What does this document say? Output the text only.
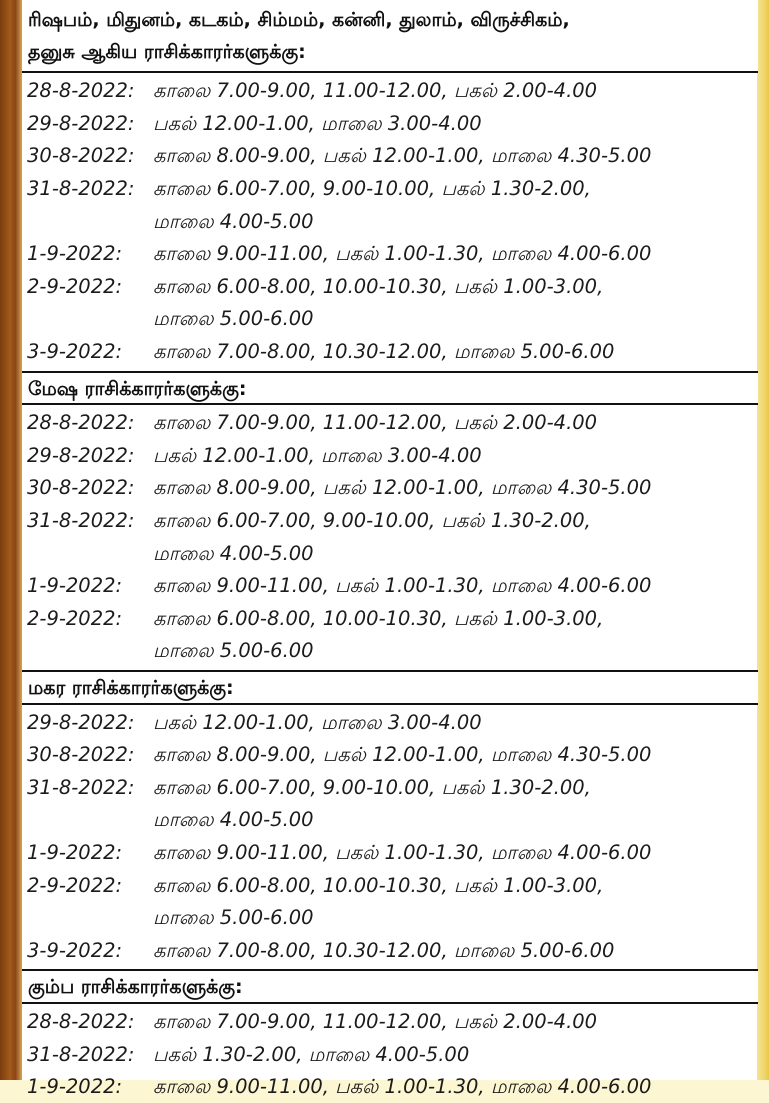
ரிஷபம், மிதுனம், கடகம், சிம்மம், கன்னி, துலாம், விருச்சிகம்,
தனுசு ஆகிய ராசிக்காரர்களுக்கு:
28-8-2022: காலை 7.00-9.00, 11.00-12.00, பகல் 2.00-4.00
29-8-2022: பகல் 12.00-1.00, மாலை 3.00-4.00
30-8-2022: காலை 8.00-9.00, பகல் 12.00-1.00, மாலை 4.30-5.00
31-8-2022: காலை 6.00-7.00, 9.00-10.00, பகல் 1.30-2.00,
மாலை 4.00-5.00
1-9-2022: காலை 9.00-11.00, பகல் 1.00-1.30, மாலை 4.00-6.00
2-9-2022: காலை 6.00-8.00, 10.00-10.30, பகல் 1.00-3.00,
மாலை 5.00-6.00
3-9-2022: காலை 7.00-8.00, 10.30-12.00, மாலை 5.00-6.00
மேஷ ராசிக்காரர்களுக்கு:
28-8-2022: காலை 7.00-9.00, 11.00-12.00, பகல் 2.00-4.00
29-8-2022: பகல் 12.00-1.00, மாலை 3.00-4.00
30-8-2022: காலை 8.00-9.00, பகல் 12.00-1.00, மாலை 4.30-5.00
31-8-2022: காலை 6.00-7.00, 9.00-10.00, பகல் 1.30-2.00,
மாலை 4.00-5.00
1-9-2022: காலை 9.00-11.00, பகல் 1.00-1.30, மாலை 4.00-6.00
2-9-2022: காலை 6.00-8.00, 10.00-10.30, பகல் 1.00-3.00,
மாலை 5.00-6.00
மகர ராசிக்காரர்களுக்கு:
29-8-2022: பகல் 12.00-1.00, மாலை 3.00-4.00
30-8-2022: காலை 8.00-9.00, பகல் 12.00-1.00, மாலை 4.30-5.00
31-8-2022: காலை 6.00-7.00, 9.00-10.00, பகல் 1.30-2.00,
மாலை 4.00-5.00
1-9-2022: காலை 9.00-11.00, பகல் 1.00-1.30, மாலை 4.00-6.00
2-9-2022: காலை 6.00-8.00, 10.00-10.30, பகல் 1.00-3.00,
மாலை 5.00-6.00
3-9-2022: காலை 7.00-8.00, 10.30-12.00, மாலை 5.00-6.00
கும்ப ராசிக்காரர்களுக்கு:
28-8-2022: காலை 7.00-9.00, 11.00-12.00, பகல் 2.00-4.00
31-8-2022: பகல் 1.30-2.00, மாலை 4.00-5.00
1-9-2022: காலை 9.00-11.00, பகல் 1.00-1.30, மாலை 4.00-6.00
